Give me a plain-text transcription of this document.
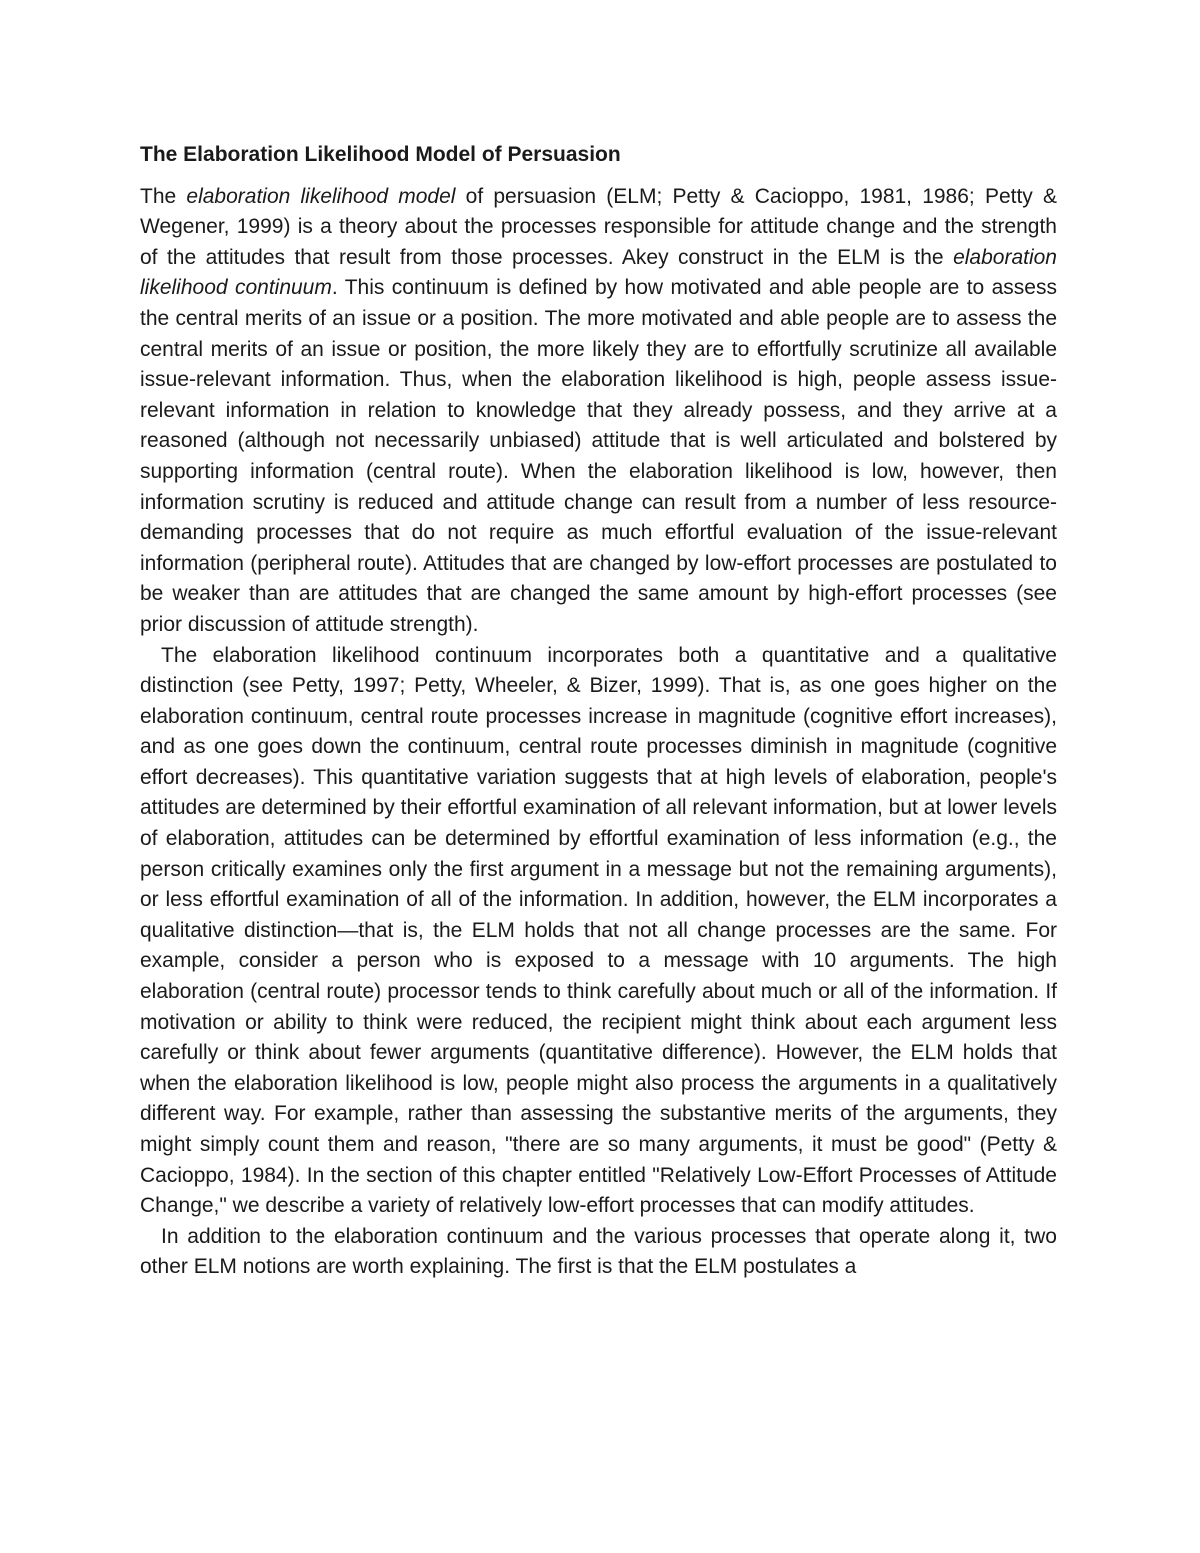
The Elaboration Likelihood Model of Persuasion

The elaboration likelihood model of persuasion (ELM; Petty & Cacioppo, 1981, 1986; Petty & Wegener, 1999) is a theory about the processes responsible for attitude change and the strength of the attitudes that result from those processes. Akey construct in the ELM is the elaboration likelihood continuum. This continuum is defined by how motivated and able people are to assess the central merits of an issue or a position. The more motivated and able people are to assess the central merits of an issue or position, the more likely they are to effortfully scrutinize all available issue-relevant information. Thus, when the elaboration likelihood is high, people assess issue-relevant information in relation to knowledge that they already possess, and they arrive at a reasoned (although not necessarily unbiased) attitude that is well articulated and bolstered by supporting information (central route). When the elaboration likelihood is low, however, then information scrutiny is reduced and attitude change can result from a number of less resource-demanding processes that do not require as much effortful evaluation of the issue-relevant information (peripheral route). Attitudes that are changed by low-effort processes are postulated to be weaker than are attitudes that are changed the same amount by high-effort processes (see prior discussion of attitude strength).

The elaboration likelihood continuum incorporates both a quantitative and a qualitative distinction (see Petty, 1997; Petty, Wheeler, & Bizer, 1999). That is, as one goes higher on the elaboration continuum, central route processes increase in magnitude (cognitive effort increases), and as one goes down the continuum, central route processes diminish in magnitude (cognitive effort decreases). This quantitative variation suggests that at high levels of elaboration, people's attitudes are determined by their effortful examination of all relevant information, but at lower levels of elaboration, attitudes can be determined by effortful examination of less information (e.g., the person critically examines only the first argument in a message but not the remaining arguments), or less effortful examination of all of the information. In addition, however, the ELM incorporates a qualitative distinction—that is, the ELM holds that not all change processes are the same. For example, consider a person who is exposed to a message with 10 arguments. The high elaboration (central route) processor tends to think carefully about much or all of the information. If motivation or ability to think were reduced, the recipient might think about each argument less carefully or think about fewer arguments (quantitative difference). However, the ELM holds that when the elaboration likelihood is low, people might also process the arguments in a qualitatively different way. For example, rather than assessing the substantive merits of the arguments, they might simply count them and reason, "there are so many arguments, it must be good" (Petty & Cacioppo, 1984). In the section of this chapter entitled "Relatively Low-Effort Processes of Attitude Change," we describe a variety of relatively low-effort processes that can modify attitudes.

In addition to the elaboration continuum and the various processes that operate along it, two other ELM notions are worth explaining. The first is that the ELM postulates a
